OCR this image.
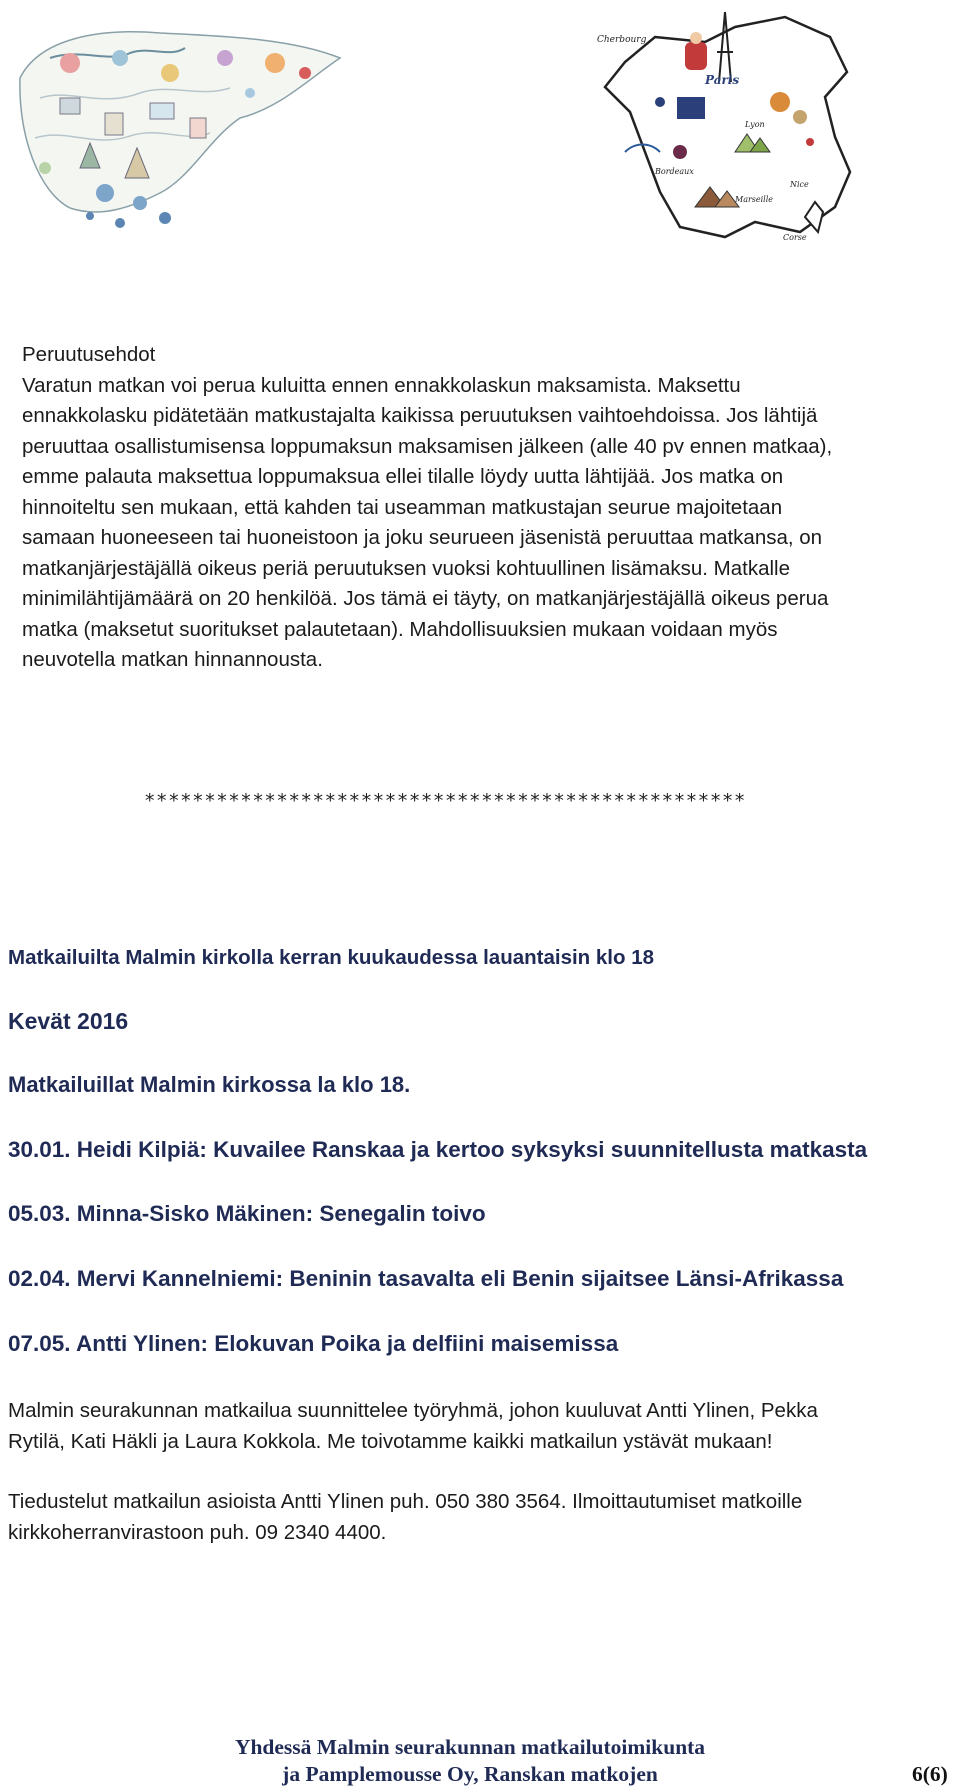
Cherbourg
Paris
Lyon
Bordeaux
Marseille
Nice
Corse

Peruutusehdot

Varatun matkan voi perua kuluitta ennen ennakkolaskun maksamista. Maksettu

ennakkolasku pidätetään matkustajalta kaikissa peruutuksen vaihtoehdoissa. Jos lähtijä

peruuttaa osallistumisensa loppumaksun maksamisen jälkeen (alle 40 pv ennen matkaa),

emme palauta maksettua loppumaksua ellei tilalle löydy uutta lähtijää. Jos matka on

hinnoiteltu sen mukaan, että kahden tai useamman matkustajan seurue majoitetaan

samaan huoneeseen tai huoneistoon ja joku seurueen jäsenistä peruuttaa matkansa, on

matkanjärjestäjällä oikeus periä peruutuksen vuoksi kohtuullinen lisämaksu. Matkalle

minimilähtijämäärä on 20 henkilöä. Jos tämä ei täyty, on matkanjärjestäjällä oikeus perua

matka (maksetut suoritukset palautetaan). Mahdollisuuksien mukaan voidaan myös

neuvotella matkan hinnannousta.

**************************************************
Matkailuilta Malmin kirkolla kerran kuukaudessa lauantaisin klo 18
Kevät 2016
Matkailuillat Malmin kirkossa la klo 18.
30.01. Heidi Kilpiä: Kuvailee Ranskaa ja kertoo syksyksi suunnitellusta matkasta
05.03. Minna-Sisko Mäkinen: Senegalin toivo
02.04. Mervi Kannelniemi: Beninin tasavalta eli Benin sijaitsee Länsi-Afrikassa
07.05. Antti Ylinen: Elokuvan Poika ja delfiini maisemissa
Malmin seurakunnan matkailua suunnittelee työryhmä, johon kuuluvat Antti Ylinen, Pekka
Rytilä, Kati Häkli ja Laura Kokkola. Me toivotamme kaikki matkailun ystävät mukaan!
Tiedustelut matkailun asioista Antti Ylinen puh. 050 380 3564. Ilmoittautumiset matkoille
kirkkoherranvirastoon puh. 09 2340 4400.
Yhdessä Malmin seurakunnan matkailutoimikunta
ja Pamplemousse Oy, Ranskan matkojen	6(6)
